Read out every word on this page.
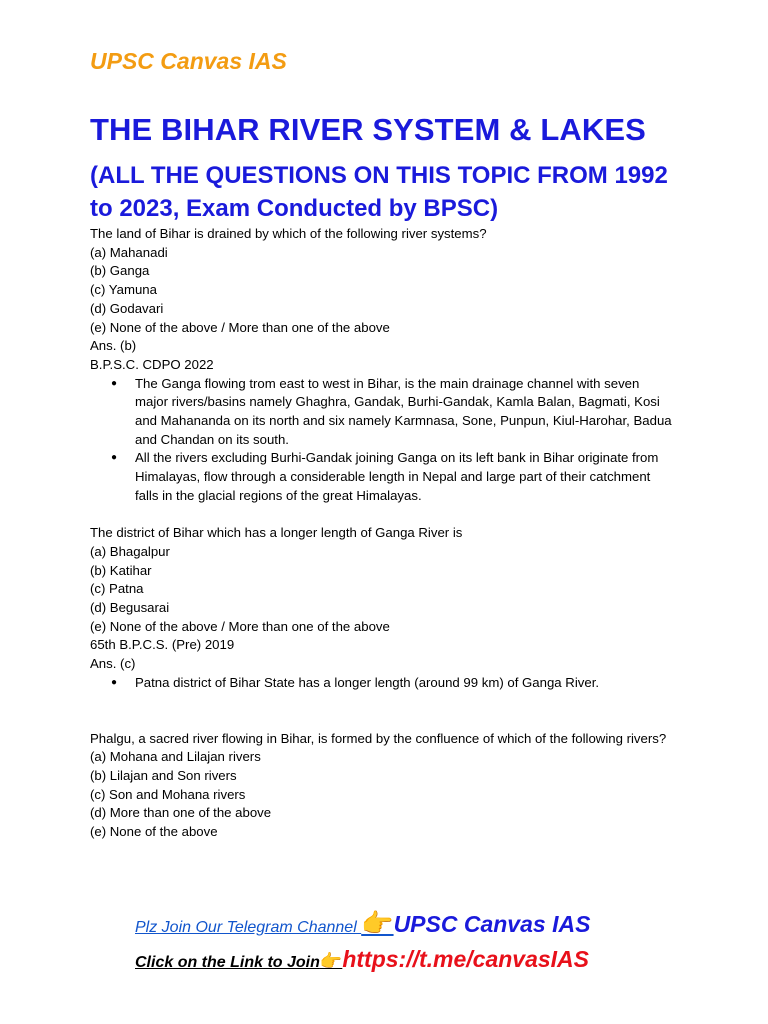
UPSC Canvas IAS

THE BIHAR RIVER SYSTEM & LAKES
(ALL THE QUESTIONS ON THIS TOPIC FROM 1992 to 2023, Exam Conducted by BPSC)

The land of Bihar is drained by which of the following river systems?

(a) Mahanadi

(b) Ganga

(c) Yamuna

(d) Godavari

(e) None of the above / More than one of the above

Ans. (b)

B.P.S.C. CDPO 2022

● The Ganga flowing trom east to west in Bihar, is the main drainage channel with seven major rivers/basins namely Ghaghra, Gandak, Burhi-Gandak, Kamla Balan, Bagmati, Kosi and Mahananda on its north and six namely Karmnasa, Sone, Punpun, Kiul-Harohar, Badua and Chandan on its south.
● All the rivers excluding Burhi-Gandak joining Ganga on its left bank in Bihar originate from Himalayas, flow through a considerable length in Nepal and large part of their catchment falls in the glacial regions of the great Himalayas.

The district of Bihar which has a longer length of Ganga River is

(a) Bhagalpur

(b) Katihar

(c) Patna

(d) Begusarai

(e) None of the above / More than one of the above

65th B.P.C.S. (Pre) 2019

Ans. (c)

● Patna district of Bihar State has a longer length (around 99 km) of Ganga River.

Phalgu, a sacred river flowing in Bihar, is formed by the confluence of which of the following rivers?

(a) Mohana and Lilajan rivers

(b) Lilajan and Son rivers

(c) Son and Mohana rivers

(d) More than one of the above

(e) None of the above

Plz Join Our Telegram Channel 👉UPSC Canvas IAS
Click on the Link to Join👉https://t.me/canvasIAS
